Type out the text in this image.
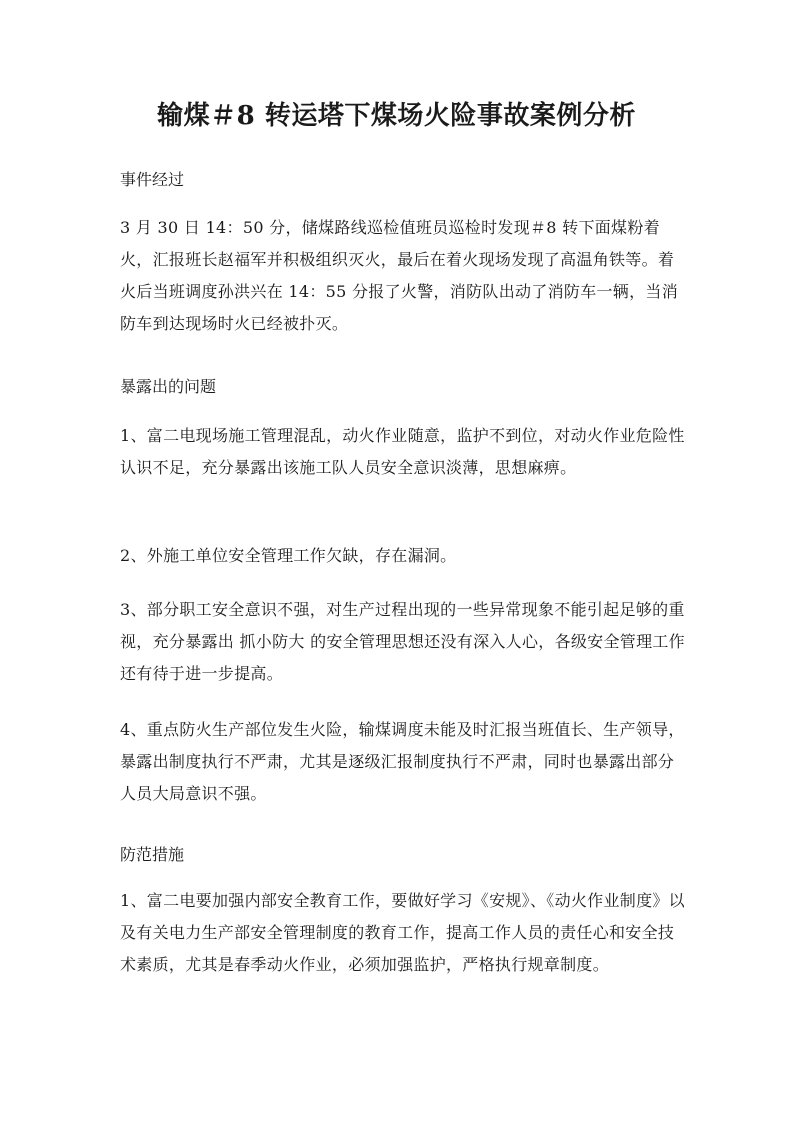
输煤＃8 转运塔下煤场火险事故案例分析
事件经过

3 月 30 日 14：50 分，储煤路线巡检值班员巡检时发现＃8 转下面煤粉着火，汇报班长赵福军并积极组织灭火，最后在着火现场发现了高温角铁等。着火后当班调度孙洪兴在 14：55 分报了火警，消防队出动了消防车一辆，当消防车到达现场时火已经被扑灭。

暴露出的问题

1、富二电现场施工管理混乱，动火作业随意，监护不到位，对动火作业危险性认识不足，充分暴露出该施工队人员安全意识淡薄，思想麻痹。

2、外施工单位安全管理工作欠缺，存在漏洞。

3、部分职工安全意识不强，对生产过程出现的一些异常现象不能引起足够的重视，充分暴露出 抓小防大 的安全管理思想还没有深入人心，各级安全管理工作还有待于进一步提高。

4、重点防火生产部位发生火险，输煤调度未能及时汇报当班值长、生产领导，暴露出制度执行不严肃，尤其是逐级汇报制度执行不严肃，同时也暴露出部分人员大局意识不强。

防范措施

1、富二电要加强内部安全教育工作，要做好学习《安规》、《动火作业制度》以及有关电力生产部安全管理制度的教育工作，提高工作人员的责任心和安全技术素质，尤其是春季动火作业，必须加强监护，严格执行规章制度。
